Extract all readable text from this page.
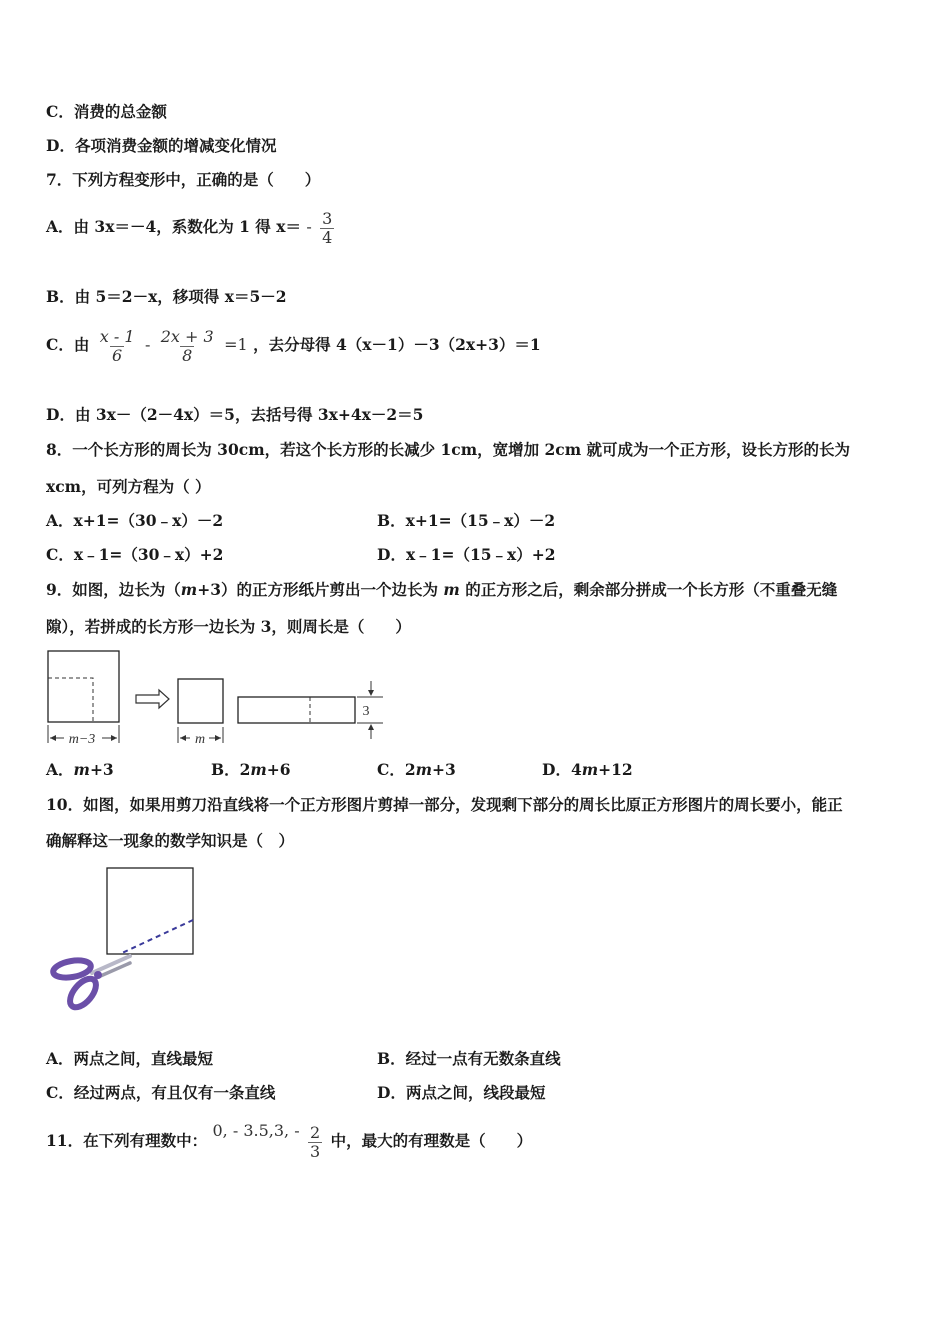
C．消费的总金额
D．各项消费金额的增减变化情况
7．下列方程变形中，正确的是（　　）
A．由 3x＝－4，系数化为 1 得 $x= - \frac{3}{4}$
B．由 5＝2－x，移项得 x＝5－2
C．由 $\frac{x - 1}{6} - \frac{2x + 3}{8} =1$ ，去分母得 4（x－1）－3（2x+3）＝1
D．由 3x－（2－4x）＝5，去括号得 3x+4x－2＝5
8．一个长方形的周长为 30cm，若这个长方形的长减少 1cm，宽增加 2cm 就可成为一个正方形，设长方形的长为
xcm，可列方程为（ ）
A．x+1=（30﹣x）－2	B．x+1=（15﹣x）－2
C．x﹣1=（30﹣x）+2	D．x﹣1=（15﹣x）+2
9．如图，边长为（m+3）的正方形纸片剪出一个边长为 m 的正方形之后，剩余部分拼成一个长方形（不重叠无缝
隙），若拼成的长方形一边长为 3，则周长是（　　）
m−3	m
3
A．m+3	B．2m+6	C．2m+3	D．4m+12
10．如图，如果用剪刀沿直线将一个正方形图片剪掉一部分，发现剩下部分的周长比原正方形图片的周长要小，能正
确解释这一现象的数学知识是（　）
A．两点之间，直线最短	B．经过一点有无数条直线
C．经过两点，有且仅有一条直线	D．两点之间，线段最短
11．在下列有理数中： 0, - 3.5,3, - $\frac{2}{3}$ 中，最大的有理数是（　　）
